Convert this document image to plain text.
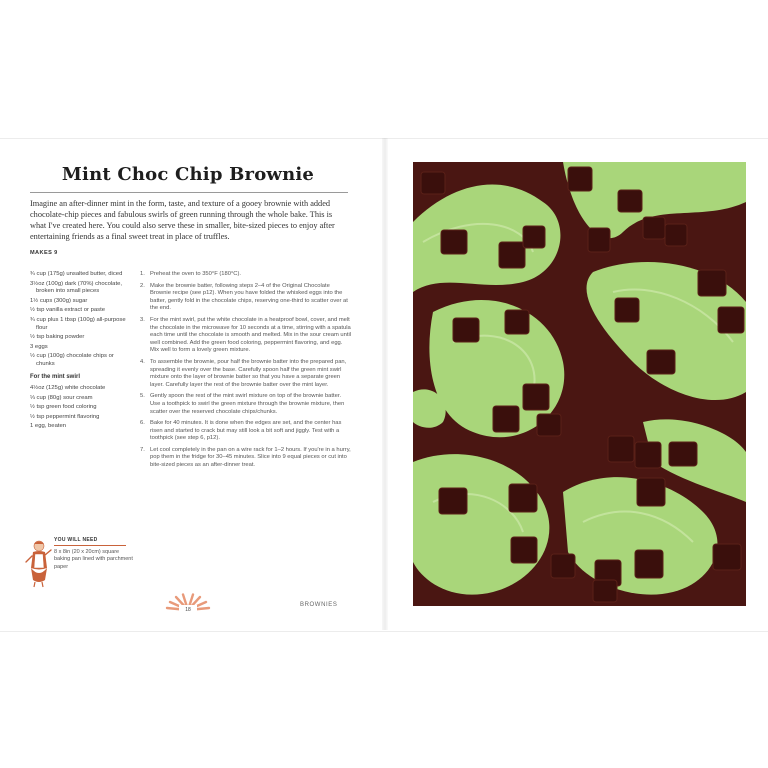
Mint Choc Chip Brownie
Imagine an after-dinner mint in the form, taste, and texture of a gooey brownie with added chocolate-chip pieces and fabulous swirls of green running through the whole bake. This is what I've created here. You could also serve these in smaller, bite-sized pieces to enjoy after entertaining friends as a final sweet treat in place of truffles.
MAKES 9
¾ cup (175g) unsalted butter, diced
3½oz (100g) dark (70%) chocolate, broken into small pieces
1½ cups (300g) sugar
½ tsp vanilla extract or paste
¾ cup plus 1 tbsp (100g) all-purpose flour
½ tsp baking powder
3 eggs
½ cup (100g) chocolate chips or chunks
For the mint swirl
4½oz (125g) white chocolate
⅓ cup (80g) sour cream
½ tsp green food coloring
½ tsp peppermint flavoring
1 egg, beaten
1. Preheat the oven to 350°F (180°C).
2. Make the brownie batter, following steps 2–4 of the Original Chocolate Brownie recipe (see p12). When you have folded the whisked eggs into the batter, gently fold in the chocolate chips, reserving one-third to scatter over at the end.
3. For the mint swirl, put the white chocolate in a heatproof bowl, cover, and melt the chocolate in the microwave for 10 seconds at a time, stirring with a spatula each time until the chocolate is smooth and melted. Mix in the sour cream until well combined. Add the green food coloring, peppermint flavoring, and egg. Mix well to form a lovely green mixture.
4. To assemble the brownie, pour half the brownie batter into the prepared pan, spreading it evenly over the base. Carefully spoon half the green mint swirl mixture onto the layer of brownie batter so that you have a separate green layer. Carefully layer the rest of the brownie batter over the mint layer.
5. Gently spoon the rest of the mint swirl mixture on top of the brownie batter. Use a toothpick to swirl the green mixture through the brownie mixture, then scatter over the reserved chocolate chips/chunks.
6. Bake for 40 minutes. It is done when the edges are set, and the center has risen and started to crack but may still look a bit soft and jiggly. Test with a toothpick (see step 6, p12).
7. Let cool completely in the pan on a wire rack for 1–2 hours. If you're in a hurry, pop them in the fridge for 30–45 minutes. Slice into 9 equal pieces or cut into bite-sized pieces as an after-dinner treat.
YOU WILL NEED
8 x 8in (20 x 20cm) square baking pan lined with parchment paper
18
BROWNIES
